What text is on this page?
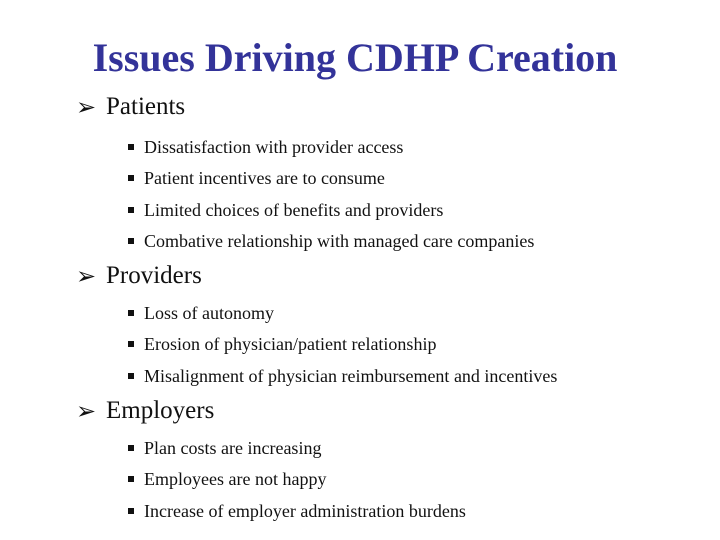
Issues Driving CDHP Creation
➢ Patients
Dissatisfaction with provider access
Patient incentives are to consume
Limited choices of benefits and providers
Combative relationship with managed care companies
➢ Providers
Loss of autonomy
Erosion of physician/patient relationship
Misalignment of physician reimbursement and incentives
➢ Employers
Plan costs are increasing
Employees are not happy
Increase of employer administration burdens
